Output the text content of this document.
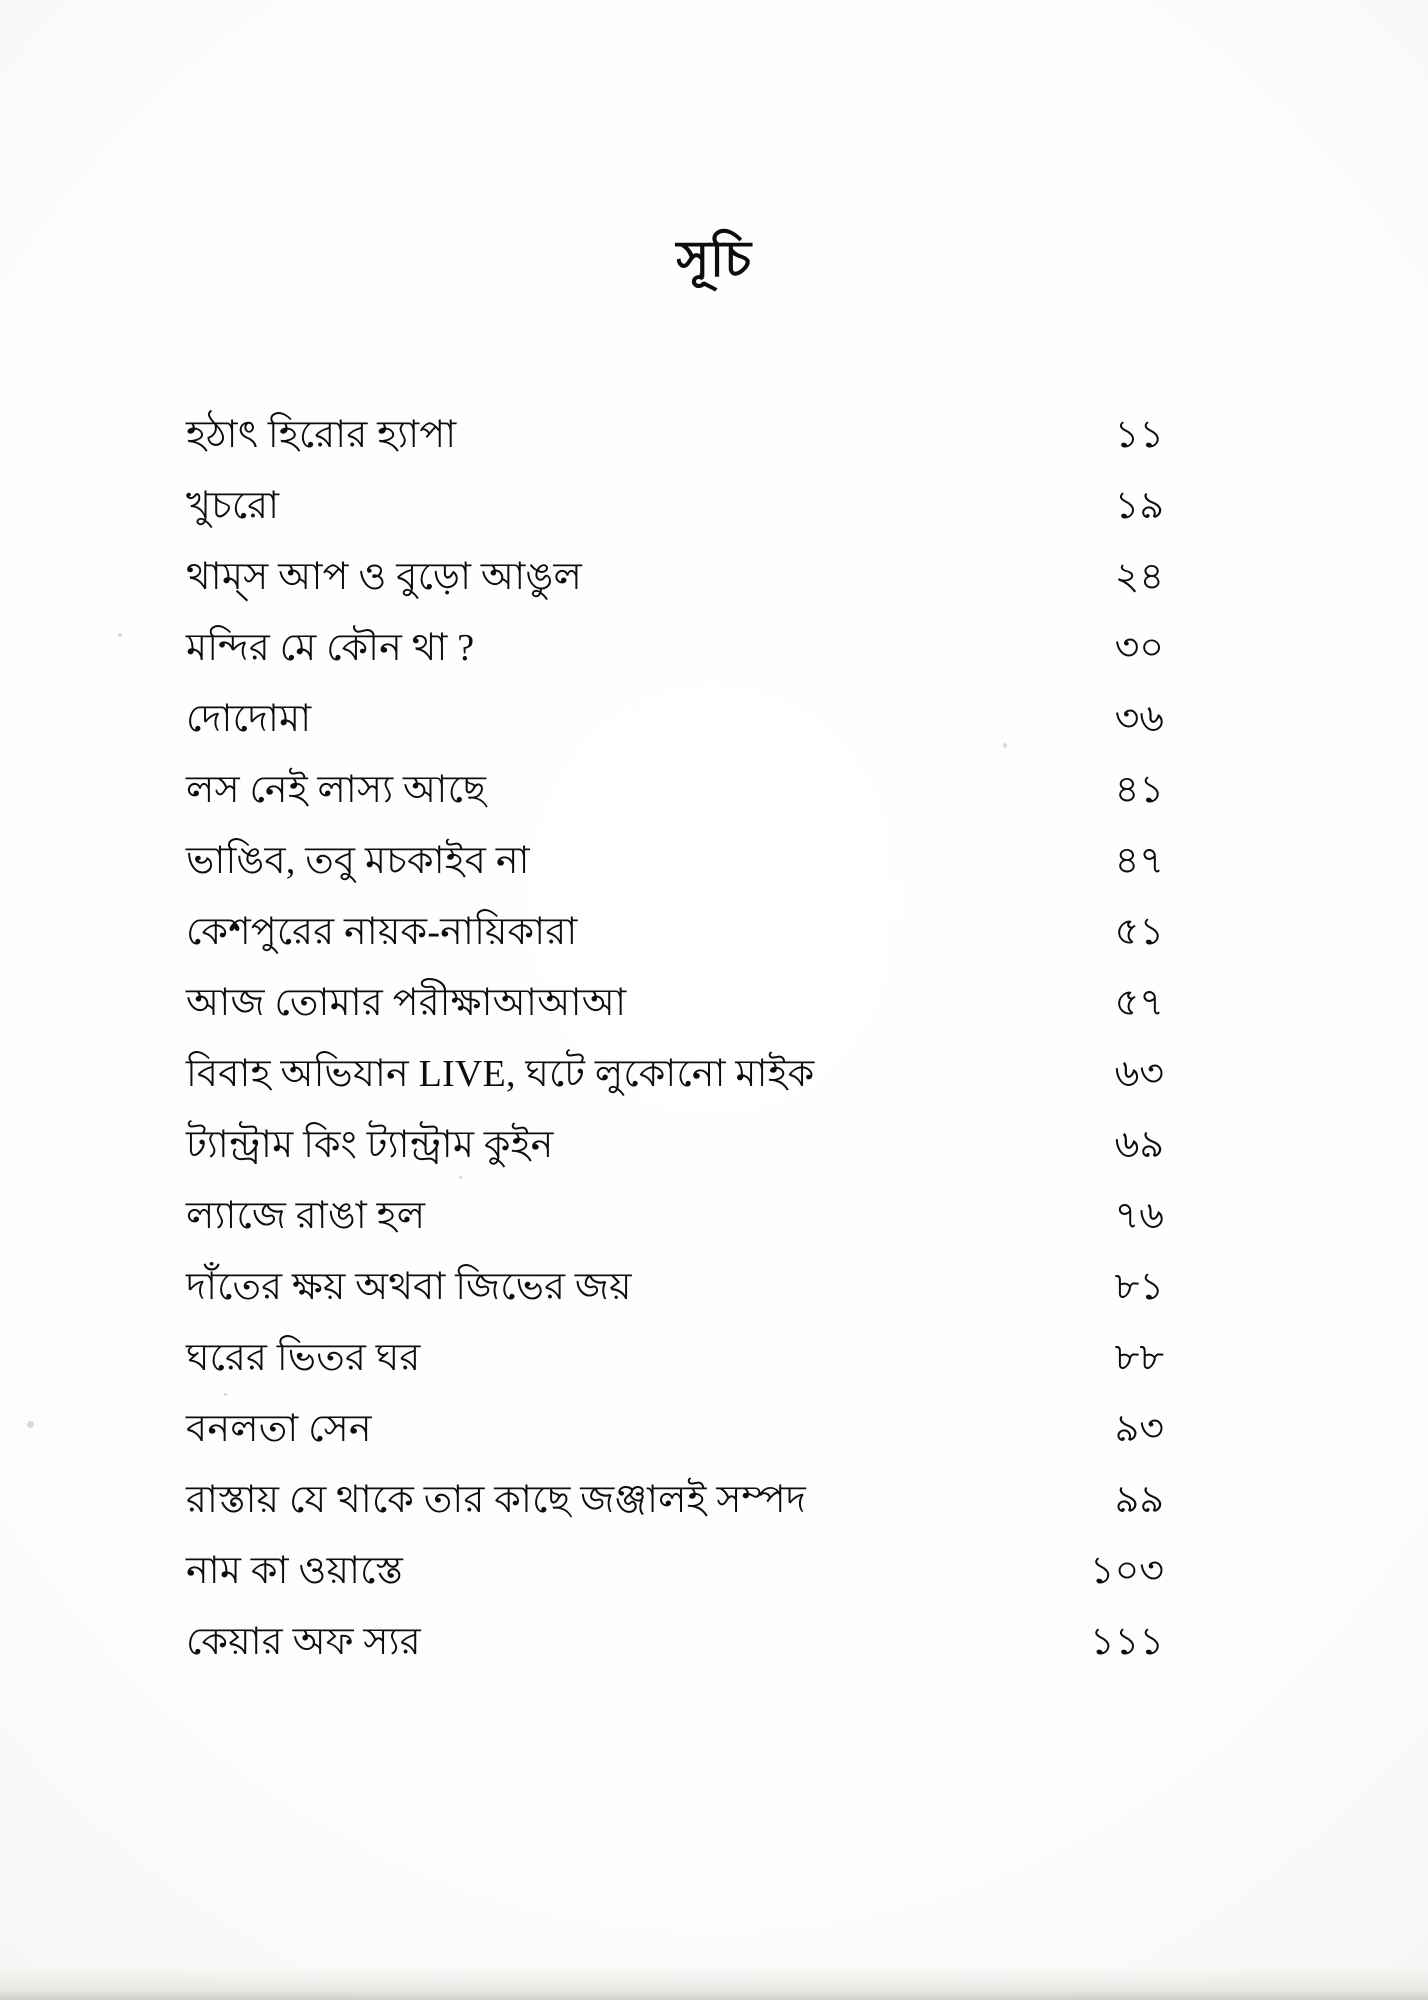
সূচি
হঠাৎ হিরোর হ্যাপা	১১
খুচরো	১৯
থাম্‌স আপ ও বুড়ো আঙুল	২৪
মন্দির মে কৌন থা ?	৩০
দোদোমা	৩৬
লস নেই লাস্য আছে	৪১
ভাঙিব, তবু মচকাইব না	৪৭
কেশপুরের নায়ক-নায়িকারা	৫১
আজ তোমার পরীক্ষাআআআ	৫৭
বিবাহ অভিযান LIVE, ঘটে লুকোনো মাইক	৬৩
ট্যান্ট্রাম কিং ট্যান্ট্রাম কুইন	৬৯
ল্যাজে রাঙা হল	৭৬
দাঁতের ক্ষয় অথবা জিভের জয়	৮১
ঘরের ভিতর ঘর	৮৮
বনলতা সেন	৯৩
রাস্তায় যে থাকে তার কাছে জঞ্জালই সম্পদ	৯৯
নাম কা ওয়াস্তে	১০৩
কেয়ার অফ স্যর	১১১
